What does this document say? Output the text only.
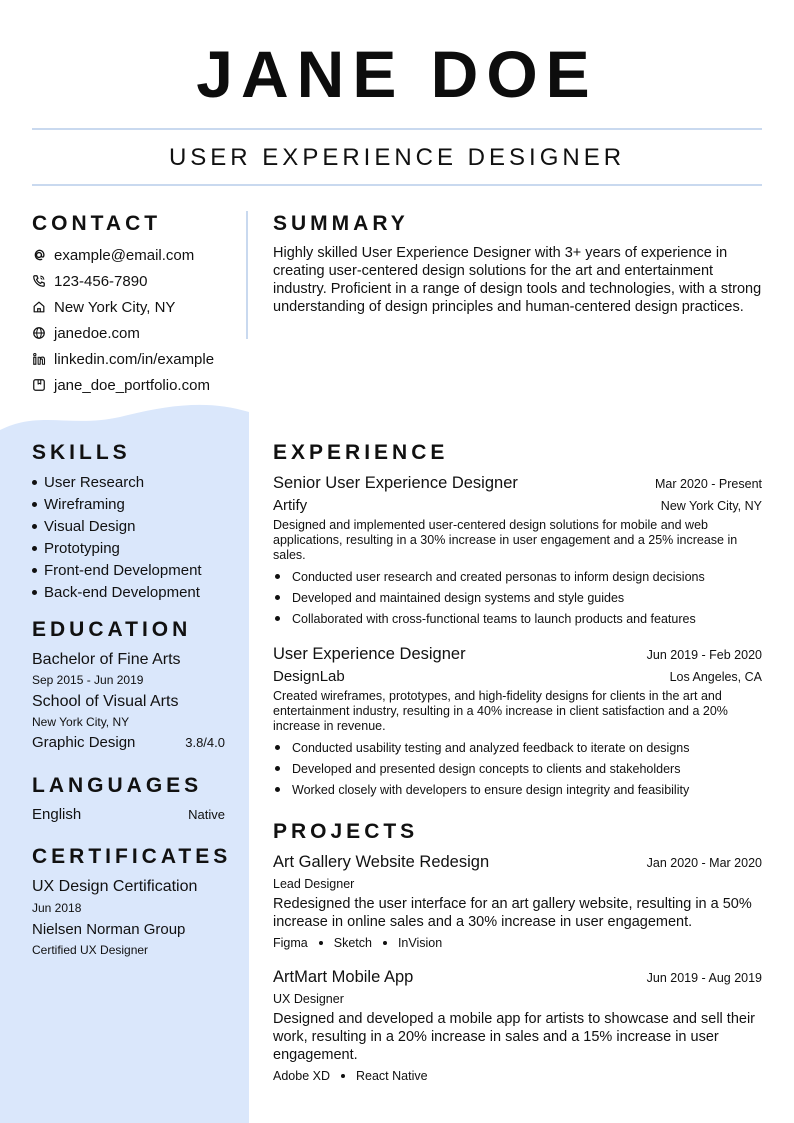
JANE DOE
USER EXPERIENCE DESIGNER
CONTACT
example@email.com
123-456-7890
New York City, NY
janedoe.com
linkedin.com/in/example
jane_doe_portfolio.com
SKILLS
User Research
Wireframing
Visual Design
Prototyping
Front-end Development
Back-end Development
EDUCATION
Bachelor of Fine Arts
Sep 2015 - Jun 2019
School of Visual Arts
New York City, NY
Graphic Design	3.8/4.0
LANGUAGES
English	Native
CERTIFICATES
UX Design Certification
Jun 2018
Nielsen Norman Group
Certified UX Designer
SUMMARY
Highly skilled User Experience Designer with 3+ years of experience in creating user-centered design solutions for the art and entertainment industry. Proficient in a range of design tools and technologies, with a strong understanding of design principles and human-centered design practices.
EXPERIENCE
Senior User Experience Designer	Mar 2020 - Present
Artify	New York City, NY
Designed and implemented user-centered design solutions for mobile and web applications, resulting in a 30% increase in user engagement and a 25% increase in sales.
Conducted user research and created personas to inform design decisions
Developed and maintained design systems and style guides
Collaborated with cross-functional teams to launch products and features
User Experience Designer	Jun 2019 - Feb 2020
DesignLab	Los Angeles, CA
Created wireframes, prototypes, and high-fidelity designs for clients in the art and entertainment industry, resulting in a 40% increase in client satisfaction and a 20% increase in revenue.
Conducted usability testing and analyzed feedback to iterate on designs
Developed and presented design concepts to clients and stakeholders
Worked closely with developers to ensure design integrity and feasibility
PROJECTS
Art Gallery Website Redesign	Jan 2020 - Mar 2020
Lead Designer
Redesigned the user interface for an art gallery website, resulting in a 50% increase in online sales and a 30% increase in user engagement.
Figma Sketch InVision
ArtMart Mobile App	Jun 2019 - Aug 2019
UX Designer
Designed and developed a mobile app for artists to showcase and sell their work, resulting in a 20% increase in sales and a 15% increase in user engagement.
Adobe XD React Native
